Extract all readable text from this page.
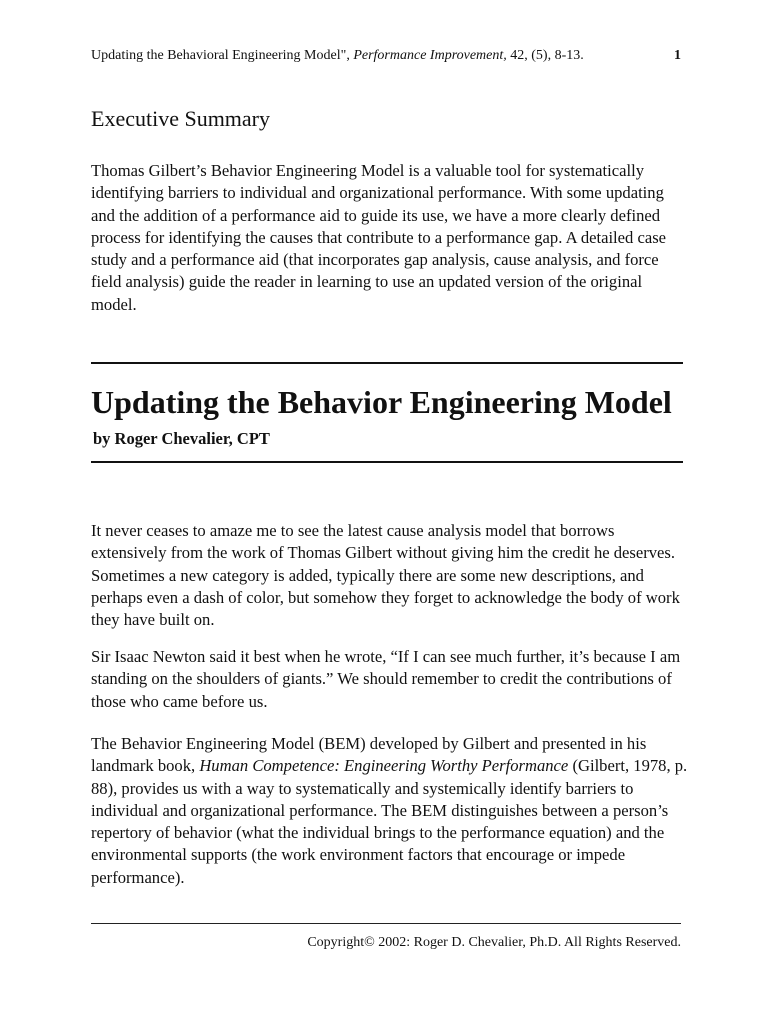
Updating the Behavioral Engineering Model", Performance Improvement, 42, (5), 8-13.	1
Executive Summary

Thomas Gilbert’s Behavior Engineering Model is a valuable tool for systematically identifying barriers to individual and organizational performance. With some updating and the addition of a performance aid to guide its use, we have a more clearly defined process for identifying the causes that contribute to a performance gap. A detailed case study and a performance aid (that incorporates gap analysis, cause analysis, and force field analysis) guide the reader in learning to use an updated version of the original model.

Updating the Behavior Engineering Model

by Roger Chevalier, CPT

It never ceases to amaze me to see the latest cause analysis model that borrows extensively from the work of Thomas Gilbert without giving him the credit he deserves. Sometimes a new category is added, typically there are some new descriptions, and perhaps even a dash of color, but somehow they forget to acknowledge the body of work they have built on.

Sir Isaac Newton said it best when he wrote, “If I can see much further, it’s because I am standing on the shoulders of giants.” We should remember to credit the contributions of those who came before us.

The Behavior Engineering Model (BEM) developed by Gilbert and presented in his landmark book, Human Competence: Engineering Worthy Performance (Gilbert, 1978, p. 88), provides us with a way to systematically and systemically identify barriers to individual and organizational performance. The BEM distinguishes between a person’s repertory of behavior (what the individual brings to the performance equation) and the environmental supports (the work environment factors that encourage or impede performance).

Copyright© 2002: Roger D. Chevalier, Ph.D. All Rights Reserved.
